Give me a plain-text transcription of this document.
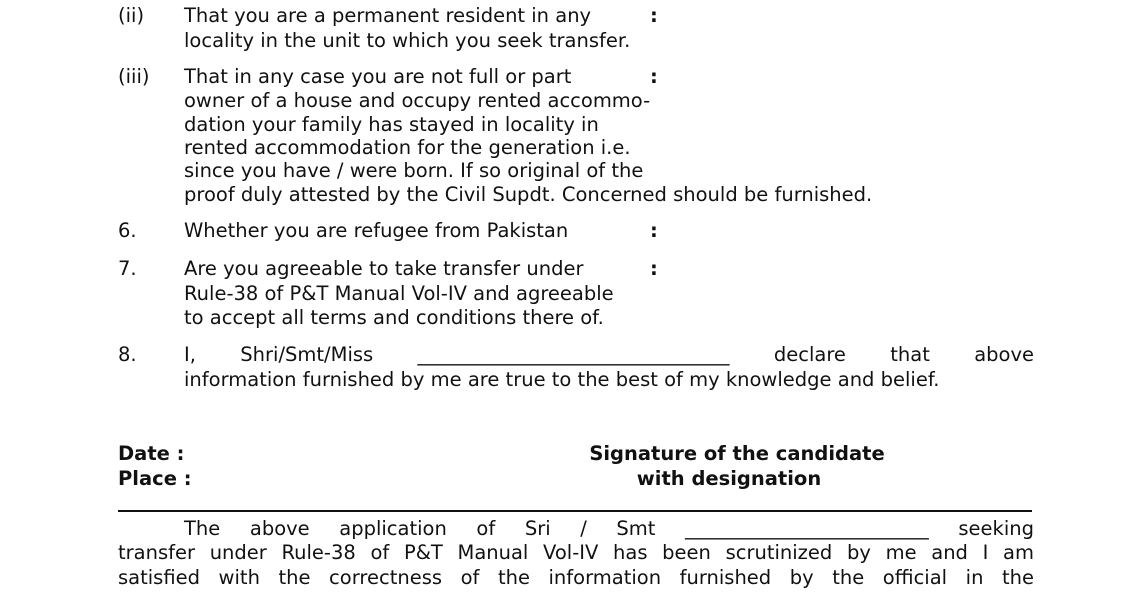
(ii) That you are a permanent resident in any	:
locality in the unit to which you seek transfer.
(iii) That in any case you are not full or part	:
owner of a house and occupy rented accommo-
dation your family has stayed in locality in
rented accommodation for the generation i.e.
since you have / were born. If so original of the
proof duly attested by the Civil Supdt. Concerned should be furnished.
6. Whether you are refugee from Pakistan	:
7. Are you agreeable to take transfer under	:
Rule-38 of P&T Manual Vol-IV and agreeable
to accept all terms and conditions there of.
8. I, Shri/Smt/Miss ________________________________ declare that above
information furnished by me are true to the best of my knowledge and belief.
Date :
Place :
Signature of the candidate
with designation
The above application of Sri / Smt _________________________ seeking
transfer under Rule-38 of P&T Manual Vol-IV has been scrutinized by me and I am
satisfied with the correctness of the information furnished by the official in the
